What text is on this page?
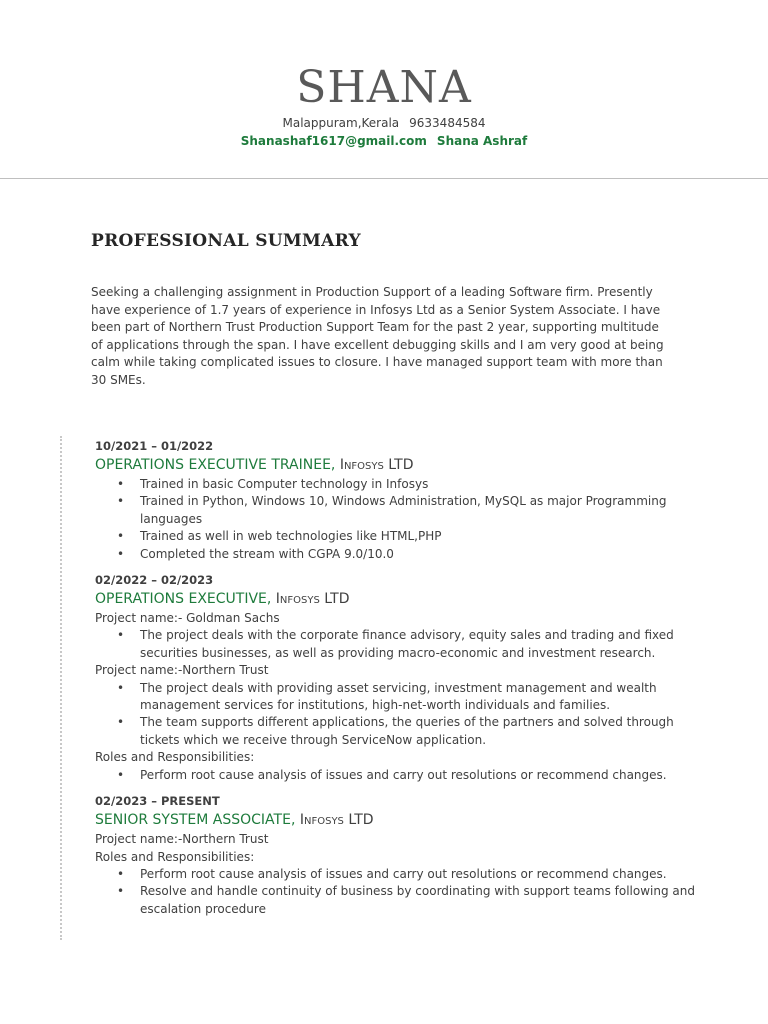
SHANA
Malappuram,Kerala 9633484584
Shanashaf1617@gmail.com Shana Ashraf
PROFESSIONAL SUMMARY

Seeking a challenging assignment in Production Support of a leading Software firm. Presently have experience of 1.7 years of experience in Infosys Ltd as a Senior System Associate. I have been part of Northern Trust Production Support Team for the past 2 year, supporting multitude of applications through the span. I have excellent debugging skills and I am very good at being calm while taking complicated issues to closure. I have managed support team with more than 30 SMEs.

10/2021 – 01/2022
OPERATIONS EXECUTIVE TRAINEE, Infosys LTD
• Trained in basic Computer technology in Infosys
• Trained in Python, Windows 10, Windows Administration, MySQL as major Programming languages
• Trained as well in web technologies like HTML,PHP
• Completed the stream with CGPA 9.0/10.0
02/2022 – 02/2023
OPERATIONS EXECUTIVE, Infosys LTD
Project name:- Goldman Sachs
• The project deals with the corporate finance advisory, equity sales and trading and fixed securities businesses, as well as providing macro-economic and investment research.
Project name:-Northern Trust
• The project deals with providing asset servicing, investment management and wealth management services for institutions, high-net-worth individuals and families.
• The team supports different applications, the queries of the partners and solved through tickets which we receive through ServiceNow application.
Roles and Responsibilities:
• Perform root cause analysis of issues and carry out resolutions or recommend changes.
02/2023 – PRESENT
SENIOR SYSTEM ASSOCIATE, Infosys LTD
Project name:-Northern Trust
Roles and Responsibilities:
• Perform root cause analysis of issues and carry out resolutions or recommend changes.
• Resolve and handle continuity of business by coordinating with support teams following and escalation procedure
